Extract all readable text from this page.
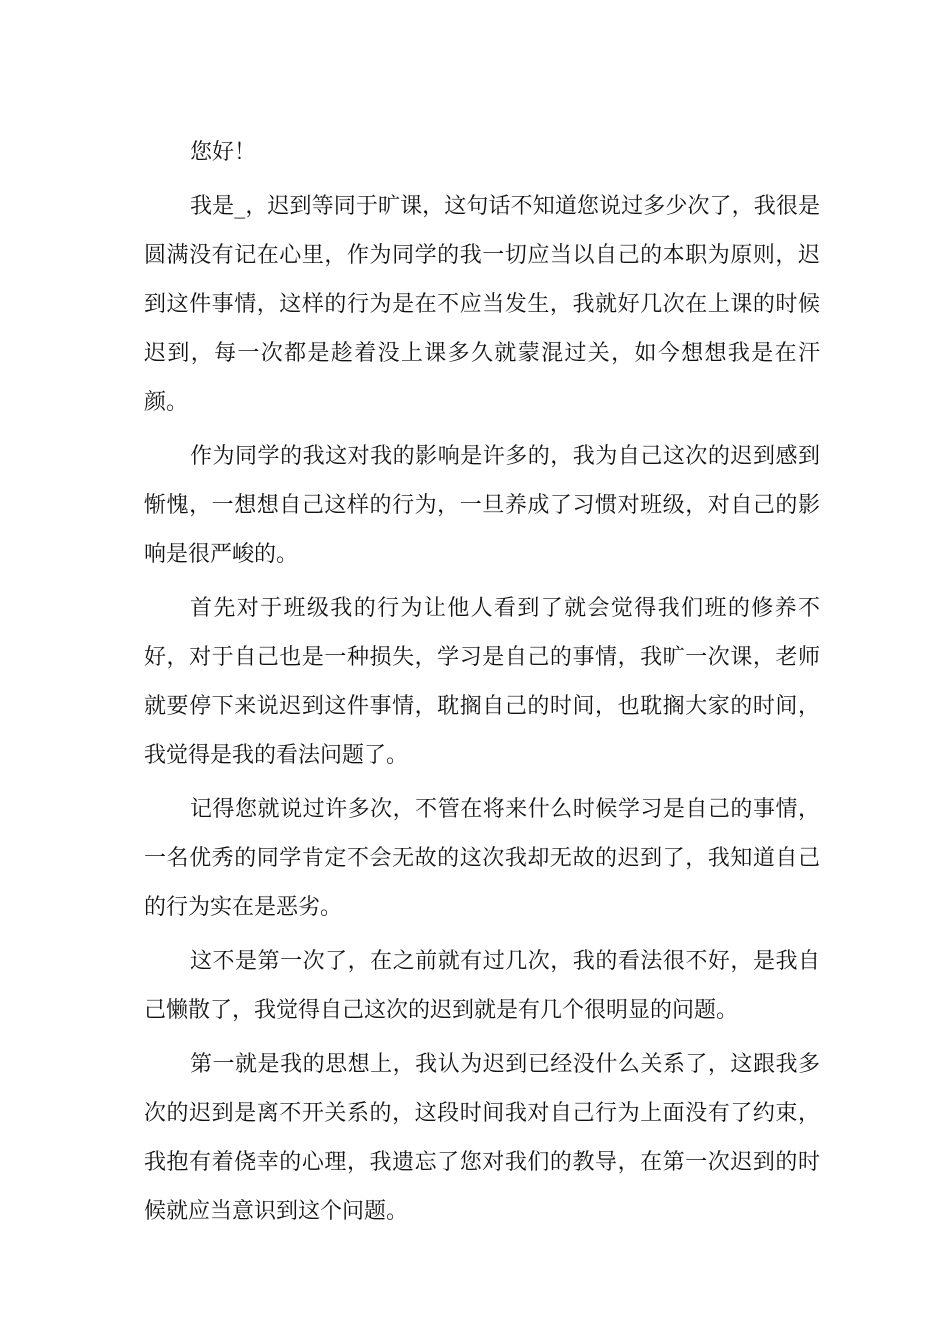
您好！

我是_，迟到等同于旷课，这句话不知道您说过多少次了，我很是圆满没有记在心里，作为同学的我一切应当以自己的本职为原则，迟到这件事情，这样的行为是在不应当发生，我就好几次在上课的时候迟到，每一次都是趁着没上课多久就蒙混过关，如今想想我是在汗颜。

作为同学的我这对我的影响是许多的，我为自己这次的迟到感到惭愧，一想想自己这样的行为，一旦养成了习惯对班级，对自己的影响是很严峻的。

首先对于班级我的行为让他人看到了就会觉得我们班的修养不好，对于自己也是一种损失，学习是自己的事情，我旷一次课，老师就要停下来说迟到这件事情，耽搁自己的时间，也耽搁大家的时间，我觉得是我的看法问题了。

记得您就说过许多次，不管在将来什么时候学习是自己的事情，一名优秀的同学肯定不会无故的这次我却无故的迟到了，我知道自己的行为实在是恶劣。

这不是第一次了，在之前就有过几次，我的看法很不好，是我自己懒散了，我觉得自己这次的迟到就是有几个很明显的问题。

第一就是我的思想上，我认为迟到已经没什么关系了，这跟我多次的迟到是离不开关系的，这段时间我对自己行为上面没有了约束，我抱有着侥幸的心理，我遗忘了您对我们的教导，在第一次迟到的时候就应当意识到这个问题。
